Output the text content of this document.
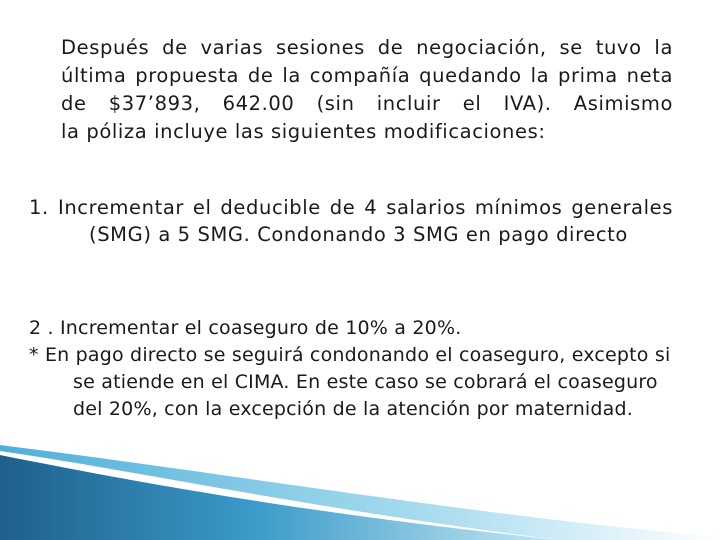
Después de varias sesiones de negociación, se tuvo la última propuesta de la compañía quedando la prima neta de $37’893, 642.00 (sin incluir el IVA). Asimismo
la póliza incluye las siguientes modificaciones:

1. Incrementar el deducible de 4 salarios mínimos generales (SMG) a 5 SMG. Condonando 3 SMG en pago directo

2 . Incrementar el coaseguro de 10% a 20%.

* En pago directo se seguirá condonando el coaseguro, excepto si se atiende en el CIMA. En este caso se cobrará el coaseguro del 20%, con la excepción de la atención por maternidad.
